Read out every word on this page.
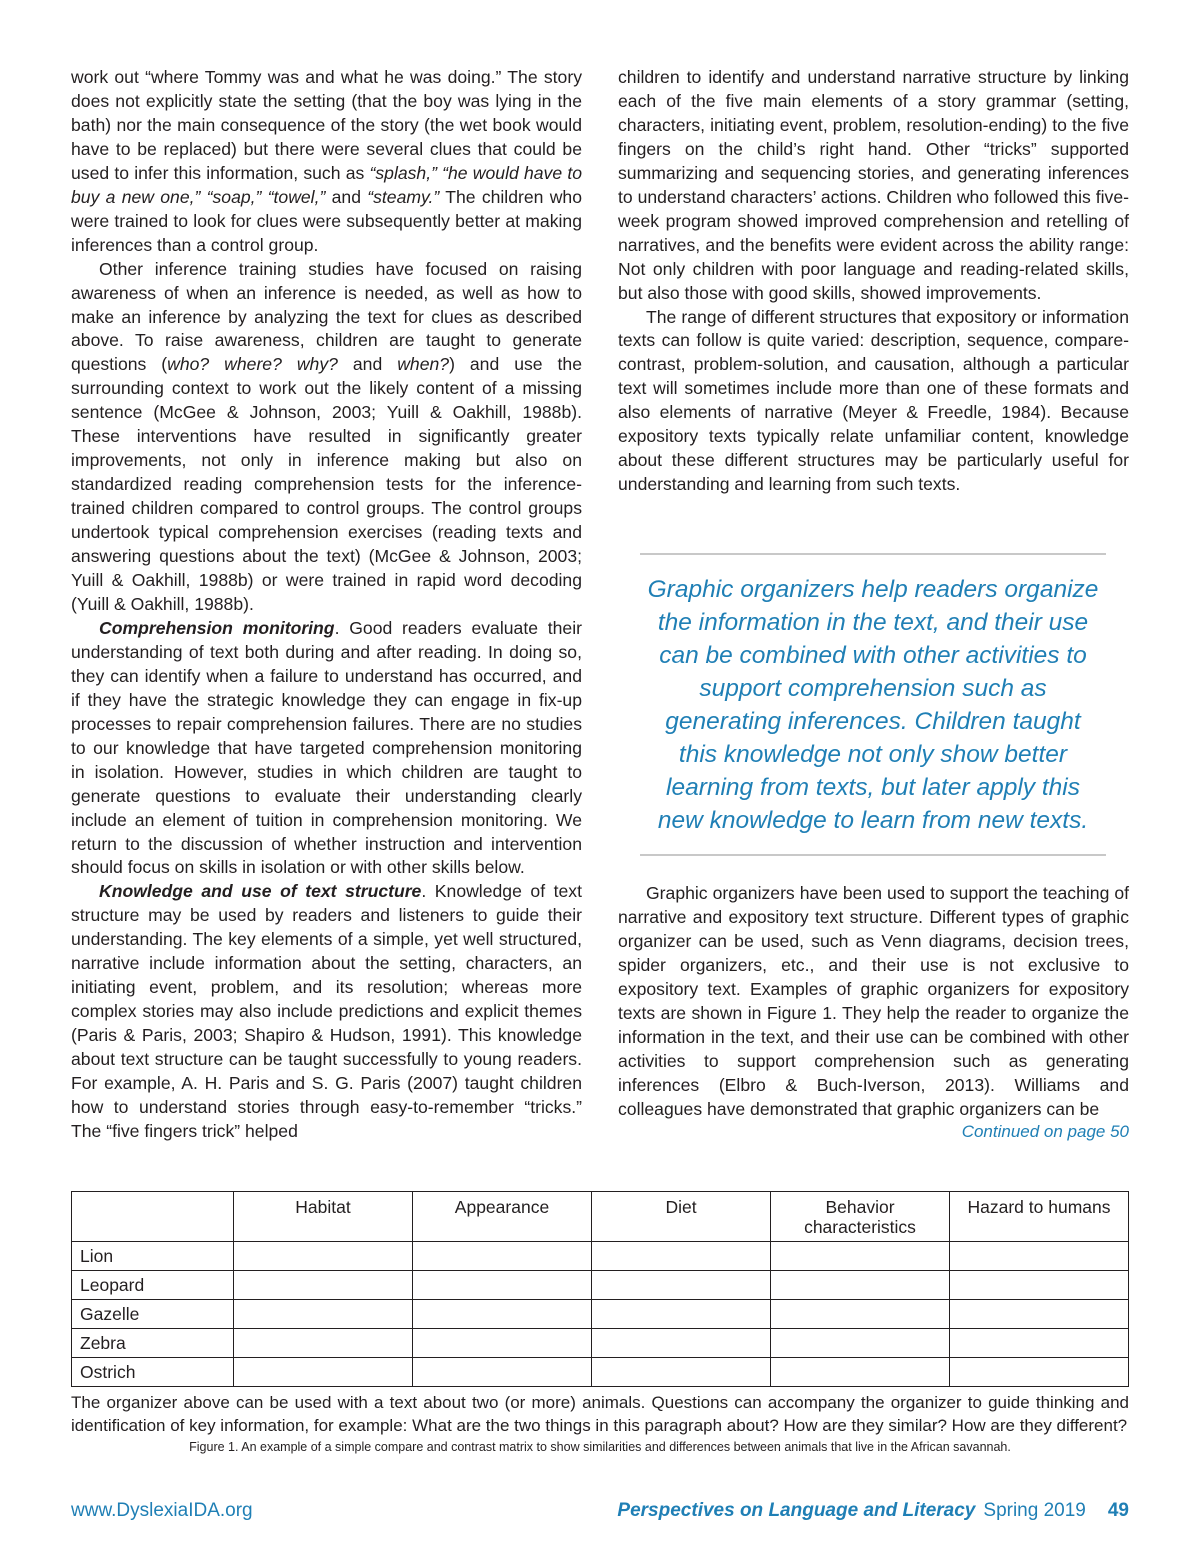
work out “where Tommy was and what he was doing.” The story does not explicitly state the setting (that the boy was lying in the bath) nor the main consequence of the story (the wet book would have to be replaced) but there were several clues that could be used to infer this information, such as “splash,” “he would have to buy a new one,” “soap,” “towel,” and “steamy.” The children who were trained to look for clues were subsequently better at making inferences than a control group.

Other inference training studies have focused on raising awareness of when an inference is needed, as well as how to make an inference by analyzing the text for clues as described above. To raise awareness, children are taught to generate questions (who? where? why? and when?) and use the surrounding context to work out the likely content of a missing sentence (McGee & Johnson, 2003; Yuill & Oakhill, 1988b). These interventions have resulted in significantly greater improvements, not only in inference making but also on standardized reading comprehension tests for the inference-trained children compared to control groups. The control groups undertook typical comprehension exercises (reading texts and answering questions about the text) (McGee & Johnson, 2003; Yuill & Oakhill, 1988b) or were trained in rapid word decoding (Yuill & Oakhill, 1988b).

Comprehension monitoring. Good readers evaluate their understanding of text both during and after reading. In doing so, they can identify when a failure to understand has occurred, and if they have the strategic knowledge they can engage in fix-up processes to repair comprehension failures. There are no studies to our knowledge that have targeted comprehension monitoring in isolation. However, studies in which children are taught to generate questions to evaluate their understanding clearly include an element of tuition in comprehension monitoring. We return to the discussion of whether instruction and intervention should focus on skills in isolation or with other skills below.

Knowledge and use of text structure. Knowledge of text structure may be used by readers and listeners to guide their understanding. The key elements of a simple, yet well structured, narrative include information about the setting, characters, an initiating event, problem, and its resolution; whereas more complex stories may also include predictions and explicit themes (Paris & Paris, 2003; Shapiro & Hudson, 1991). This knowledge about text structure can be taught successfully to young readers. For example, A. H. Paris and S. G. Paris (2007) taught children how to understand stories through easy-to-remember “tricks.” The “five fingers trick” helped

children to identify and understand narrative structure by linking each of the five main elements of a story grammar (setting, characters, initiating event, problem, resolution-ending) to the five fingers on the child’s right hand. Other “tricks” supported summarizing and sequencing stories, and generating inferences to understand characters’ actions. Children who followed this five-week program showed improved comprehension and retelling of narratives, and the benefits were evident across the ability range: Not only children with poor language and reading-related skills, but also those with good skills, showed improvements.

The range of different structures that expository or information texts can follow is quite varied: description, sequence, compare-contrast, problem-solution, and causation, although a particular text will sometimes include more than one of these formats and also elements of narrative (Meyer & Freedle, 1984). Because expository texts typically relate unfamiliar content, knowledge about these different structures may be particularly useful for understanding and learning from such texts.

Graphic organizers help readers organize the information in the text, and their use can be combined with other activities to support comprehension such as generating inferences. Children taught this knowledge not only show better learning from texts, but later apply this new knowledge to learn from new texts.

Graphic organizers have been used to support the teaching of narrative and expository text structure. Different types of graphic organizer can be used, such as Venn diagrams, decision trees, spider organizers, etc., and their use is not exclusive to expository text. Examples of graphic organizers for expository texts are shown in Figure 1. They help the reader to organize the information in the text, and their use can be combined with other activities to support comprehension such as generating inferences (Elbro & Buch-Iverson, 2013). Williams and colleagues have demonstrated that graphic organizers can be

Continued on page 50
	Habitat	Appearance	Diet	Behavior characteristics	Hazard to humans
Lion					
Leopard					
Gazelle					
Zebra					
Ostrich					

The organizer above can be used with a text about two (or more) animals. Questions can accompany the organizer to guide thinking and identification of key information, for example: What are the two things in this paragraph about? How are they similar? How are they different?

Figure 1. An example of a simple compare and contrast matrix to show similarities and differences between animals that live in the African savannah.

www.DyslexiaIDA.org	Perspectives on Language and Literacy Spring 2019 49
